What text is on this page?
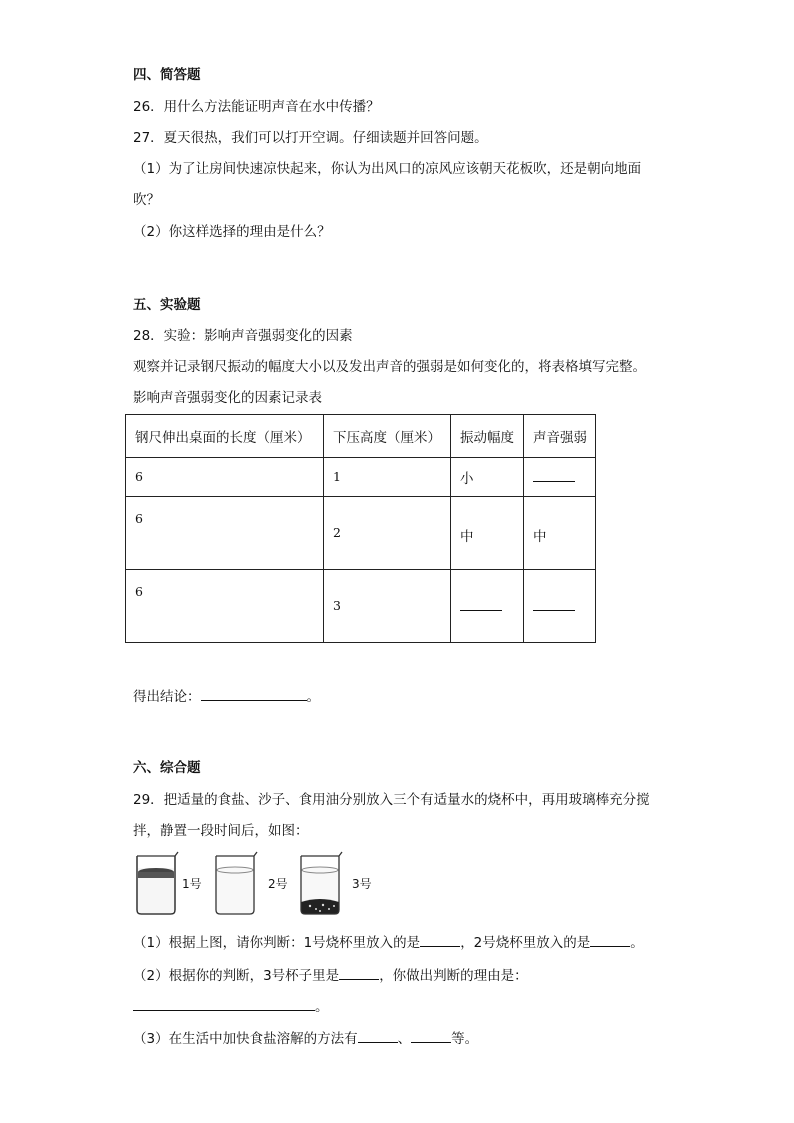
四、简答题
26．用什么方法能证明声音在水中传播？
27．夏天很热，我们可以打开空调。仔细读题并回答问题。
（1）为了让房间快速凉快起来，你认为出风口的凉风应该朝天花板吹，还是朝向地面
吹？
（2）你这样选择的理由是什么？
五、实验题
28．实验：影响声音强弱变化的因素
观察并记录钢尺振动的幅度大小以及发出声音的强弱是如何变化的，将表格填写完整。
影响声音强弱变化的因素记录表
钢尺伸出桌面的长度（厘米）	下压高度（厘米）	振动幅度	声音强弱
6	1	小	

6	2	中	中

6	3		

得出结论：	。
六、综合题
29．把适量的食盐、沙子、食用油分别放入三个有适量水的烧杯中，再用玻璃棒充分搅
拌，静置一段时间后，如图：
1号	2号	3号
（1）根据上图，请你判断：1号烧杯里放入的是	，2号烧杯里放入的是	。
（2）根据你的判断，3号杯子里是	，你做出判断的理由是：
。
（3）在生活中加快食盐溶解的方法有	、	等。
